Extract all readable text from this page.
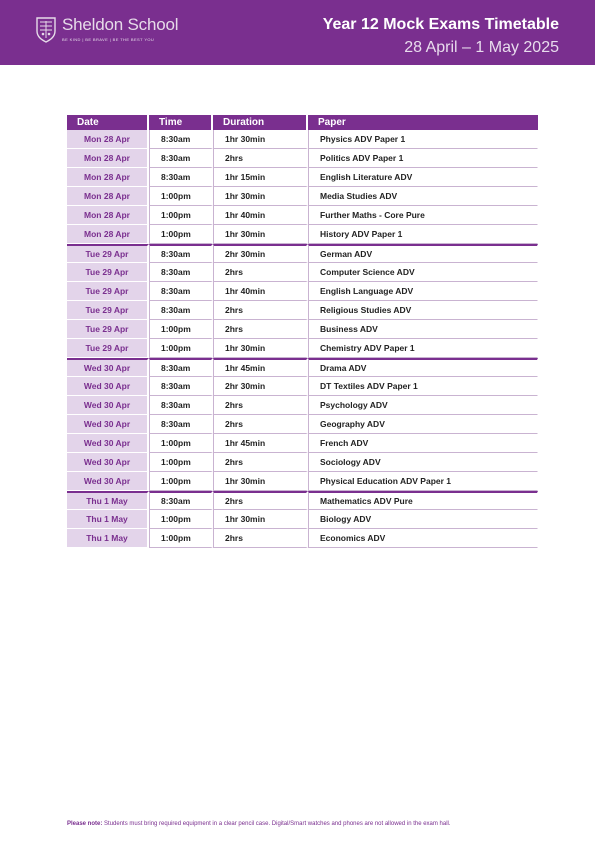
Sheldon School
BE KIND | BE BRAVE | BE THE BEST YOU
Year 12 Mock Exams Timetable
28 April – 1 May 2025
Date	Time	Duration	Paper
Mon 28 Apr	8:30am	1hr 30min	Physics ADV Paper 1
Mon 28 Apr	8:30am	2hrs	Politics ADV Paper 1
Mon 28 Apr	8:30am	1hr 15min	English Literature ADV
Mon 28 Apr	1:00pm	1hr 30min	Media Studies ADV
Mon 28 Apr	1:00pm	1hr 40min	Further Maths - Core Pure
Mon 28 Apr	1:00pm	1hr 30min	History ADV Paper 1
Tue 29 Apr	8:30am	2hr 30min	German ADV
Tue 29 Apr	8:30am	2hrs	Computer Science ADV
Tue 29 Apr	8:30am	1hr 40min	English Language ADV
Tue 29 Apr	8:30am	2hrs	Religious Studies ADV
Tue 29 Apr	1:00pm	2hrs	Business ADV
Tue 29 Apr	1:00pm	1hr 30min	Chemistry ADV Paper 1
Wed 30 Apr	8:30am	1hr 45min	Drama ADV
Wed 30 Apr	8:30am	2hr 30min	DT Textiles ADV Paper 1
Wed 30 Apr	8:30am	2hrs	Psychology ADV
Wed 30 Apr	8:30am	2hrs	Geography ADV
Wed 30 Apr	1:00pm	1hr 45min	French ADV
Wed 30 Apr	1:00pm	2hrs	Sociology ADV
Wed 30 Apr	1:00pm	1hr 30min	Physical Education ADV Paper 1
Thu 1 May	8:30am	2hrs	Mathematics ADV Pure
Thu 1 May	1:00pm	1hr 30min	Biology ADV
Thu 1 May	1:00pm	2hrs	Economics ADV
Please note: Students must bring required equipment in a clear pencil case. Digital/Smart watches and phones are not allowed in the exam hall.
